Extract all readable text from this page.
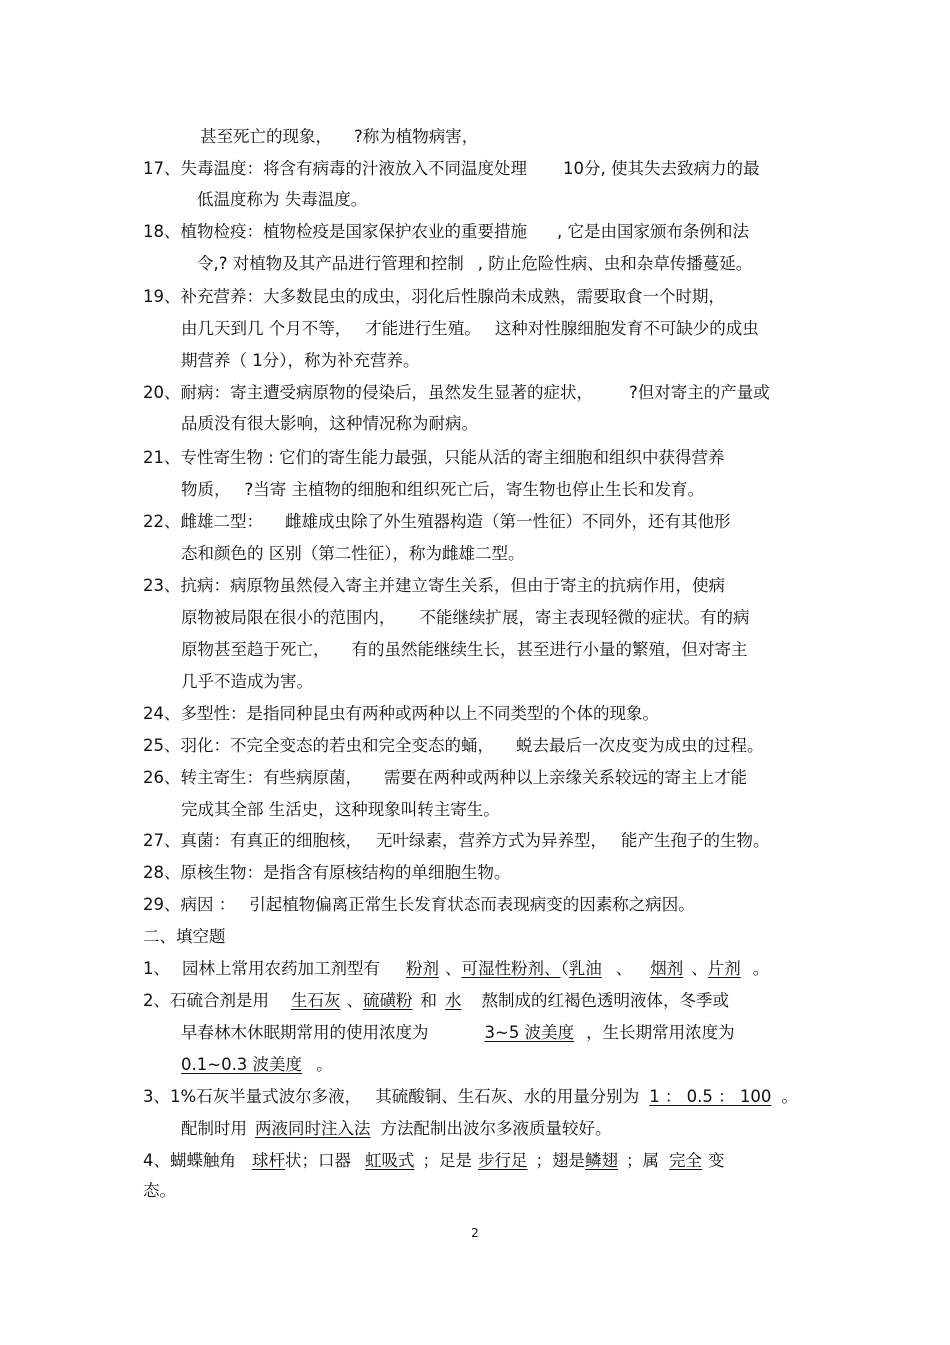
甚至死亡的现象， ?称为植物病害，
17、失毒温度：将含有病毒的汁液放入不同温度处理 10分, 使其失去致病力的最
低温度称为 失毒温度。
18、植物检疫：植物检疫是国家保护农业的重要措施 , 它是由国家颁布条例和法
令,? 对植物及其产品进行管理和控制 , 防止危险性病、虫和杂草传播蔓延。
19、补充营养：大多数昆虫的成虫，羽化后性腺尚未成熟，需要取食一个时期，
由几天到几 个月不等， 才能进行生殖。 这种对性腺细胞发育不可缺少的成虫
期营养（ 1分），称为补充营养。
20、耐病：寄主遭受病原物的侵染后，虽然发生显著的症状， ?但对寄主的产量或
品质没有很大影响，这种情况称为耐病。
21、专性寄生物 : 它们的寄生能力最强，只能从活的寄主细胞和组织中获得营养
物质， ?当寄 主植物的细胞和组织死亡后，寄生物也停止生长和发育。
22、雌雄二型： 雌雄成虫除了外生殖器构造（第一性征）不同外，还有其他形
态和颜色的 区别（第二性征），称为雌雄二型。
23、抗病：病原物虽然侵入寄主并建立寄生关系，但由于寄主的抗病作用，使病
原物被局限在很小的范围内， 不能继续扩展，寄主表现轻微的症状。有的病
原物甚至趋于死亡， 有的虽然能继续生长，甚至进行小量的繁殖，但对寄主
几乎不造成为害。
24、多型性：是指同种昆虫有两种或两种以上不同类型的个体的现象。
25、羽化：不完全变态的若虫和完全变态的蛹， 蜕去最后一次皮变为成虫的过程。
26、转主寄生：有些病原菌， 需要在两种或两种以上亲缘关系较远的寄主上才能
完成其全部 生活史，这种现象叫转主寄生。
27、真菌：有真正的细胞核， 无叶绿素，营养方式为异养型， 能产生孢子的生物。
28、原核生物：是指含有原核结构的单细胞生物。
29、病因 ： 引起植物偏离正常生长发育状态而表现病变的因素称之病因。
二、填空题
1、 园林上常用农药加工剂型有 粉剂 、可湿性粉剂、（乳油 、 烟剂 、片剂 。
2、石硫合剂是用 生石灰 、硫磺粉 和 水 熬制成的红褐色透明液体，冬季或
早春林木休眠期常用的使用浓度为	3~5 波美度 ，生长期常用浓度为
0.1~0.3 波美度 。
3、1%石灰半量式波尔多液， 其硫酸铜、生石灰、水的用量分别为 1 ： 0.5 ： 100 。
配制时用 两液同时注入法 方法配制出波尔多液质量较好。
4、蝴蝶触角 球杆状；口器 虹吸式 ；足是 步行足 ；翅是鳞翅 ；属 完全 变
态。
2
